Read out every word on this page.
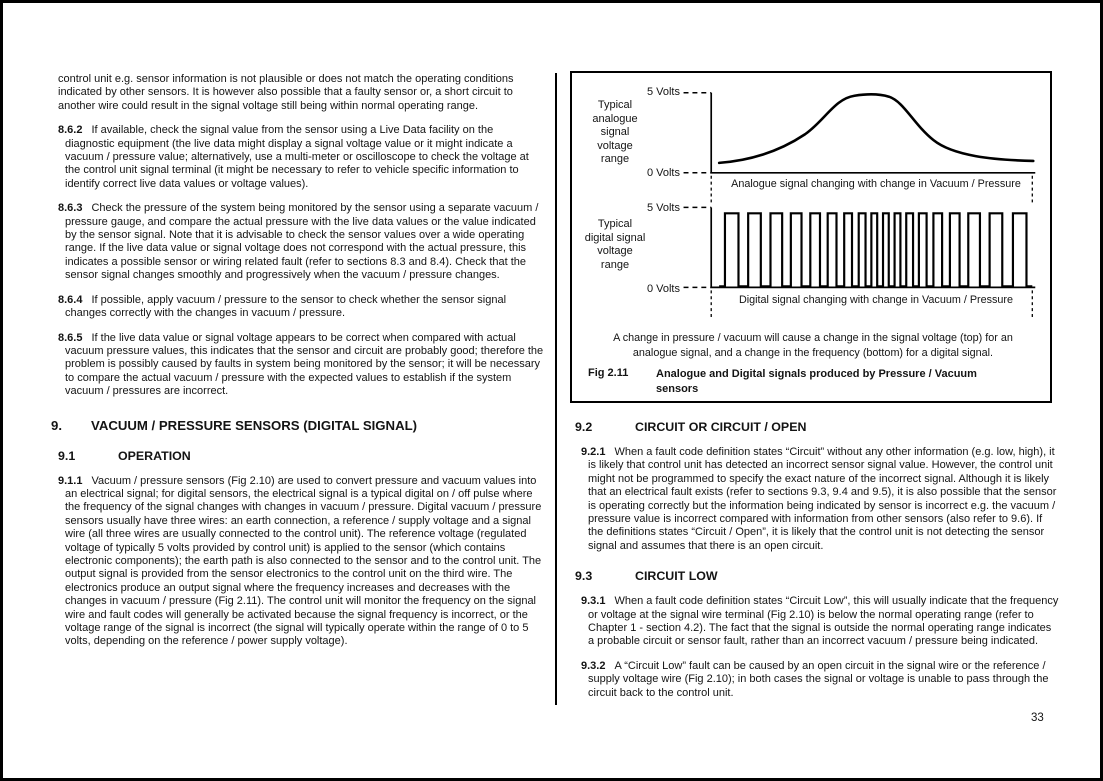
control unit e.g. sensor information is not plausible or does not match the operating conditions indicated by other sensors. It is however also possible that a faulty sensor or, a short circuit to another wire could result in the signal voltage still being within normal operating range.

8.6.2 If available, check the signal value from the sensor using a Live Data facility on the diagnostic equipment (the live data might display a signal voltage value or it might indicate a vacuum / pressure value; alternatively, use a multi-meter or oscilloscope to check the voltage at the control unit signal terminal (it might be necessary to refer to vehicle specific information to identify correct live data values or voltage values).

8.6.3 Check the pressure of the system being monitored by the sensor using a separate vacuum / pressure gauge, and compare the actual pressure with the live data values or the value indicated by the sensor signal. Note that it is advisable to check the sensor values over a wide operating range. If the live data value or signal voltage does not correspond with the actual pressure, this indicates a possible sensor or wiring related fault (refer to sections 8.3 and 8.4). Check that the sensor signal changes smoothly and progressively when the vacuum / pressure changes.

8.6.4 If possible, apply vacuum / pressure to the sensor to check whether the sensor signal changes correctly with the changes in vacuum / pressure.

8.6.5 If the live data value or signal voltage appears to be correct when compared with actual vacuum pressure values, this indicates that the sensor and circuit are probably good; therefore the problem is possibly caused by faults in system being monitored by the sensor; it will be necessary to compare the actual vacuum / pressure with the expected values to establish if the system vacuum / pressures are incorrect.

9.	VACUUM / PRESSURE SENSORS (DIGITAL SIGNAL)
9.1	OPERATION

9.1.1 Vacuum / pressure sensors (Fig 2.10) are used to convert pressure and vacuum values into an electrical signal; for digital sensors, the electrical signal is a typical digital on / off pulse where the frequency of the signal changes with changes in vacuum / pressure. Digital vacuum / pressure sensors usually have three wires: an earth connection, a reference / supply voltage and a signal wire (all three wires are usually connected to the control unit). The reference voltage (regulated voltage of typically 5 volts provided by control unit) is applied to the sensor (which contains electronic components); the earth path is also connected to the sensor and to the control unit. The output signal is provided from the sensor electronics to the control unit on the third wire. The electronics produce an output signal where the frequency increases and decreases with the changes in vacuum / pressure (Fig 2.11). The control unit will monitor the frequency on the signal wire and fault codes will generally be activated because the signal frequency is incorrect, or the voltage range of the signal is incorrect (the signal will typically operate within the range of 0 to 5 volts, depending on the reference / power supply voltage).

Typical analogue signal voltage range
5 Volts
0 Volts
Analogue signal changing with change in Vacuum / Pressure
Typical digital signal voltage range
5 Volts
0 Volts
Digital signal changing with change in Vacuum / Pressure
A change in pressure / vacuum will cause a change in the signal voltage (top) for an analogue signal, and a change in the frequency (bottom) for a digital signal.
Fig 2.11	Analogue and Digital signals produced by Pressure / Vacuum sensors
9.2	CIRCUIT OR CIRCUIT / OPEN

9.2.1 When a fault code definition states “Circuit” without any other information (e.g. low, high), it is likely that control unit has detected an incorrect sensor signal value. However, the control unit might not be programmed to specify the exact nature of the incorrect signal. Although it is likely that an electrical fault exists (refer to sections 9.3, 9.4 and 9.5), it is also possible that the sensor is operating correctly but the information being indicated by sensor is incorrect e.g. the vacuum / pressure value is incorrect compared with information from other sensors (also refer to 9.6). If the definitions states “Circuit / Open”, it is likely that the control unit is not detecting the sensor signal and assumes that there is an open circuit.

9.3	CIRCUIT LOW

9.3.1 When a fault code definition states “Circuit Low”, this will usually indicate that the frequency or voltage at the signal wire terminal (Fig 2.10) is below the normal operating range (refer to Chapter 1 - section 4.2). The fact that the signal is outside the normal operating range indicates a probable circuit or sensor fault, rather than an incorrect vacuum / pressure being indicated.

9.3.2 A “Circuit Low” fault can be caused by an open circuit in the signal wire or the reference / supply voltage wire (Fig 2.10); in both cases the signal or voltage is unable to pass through the circuit back to the control unit.

33
